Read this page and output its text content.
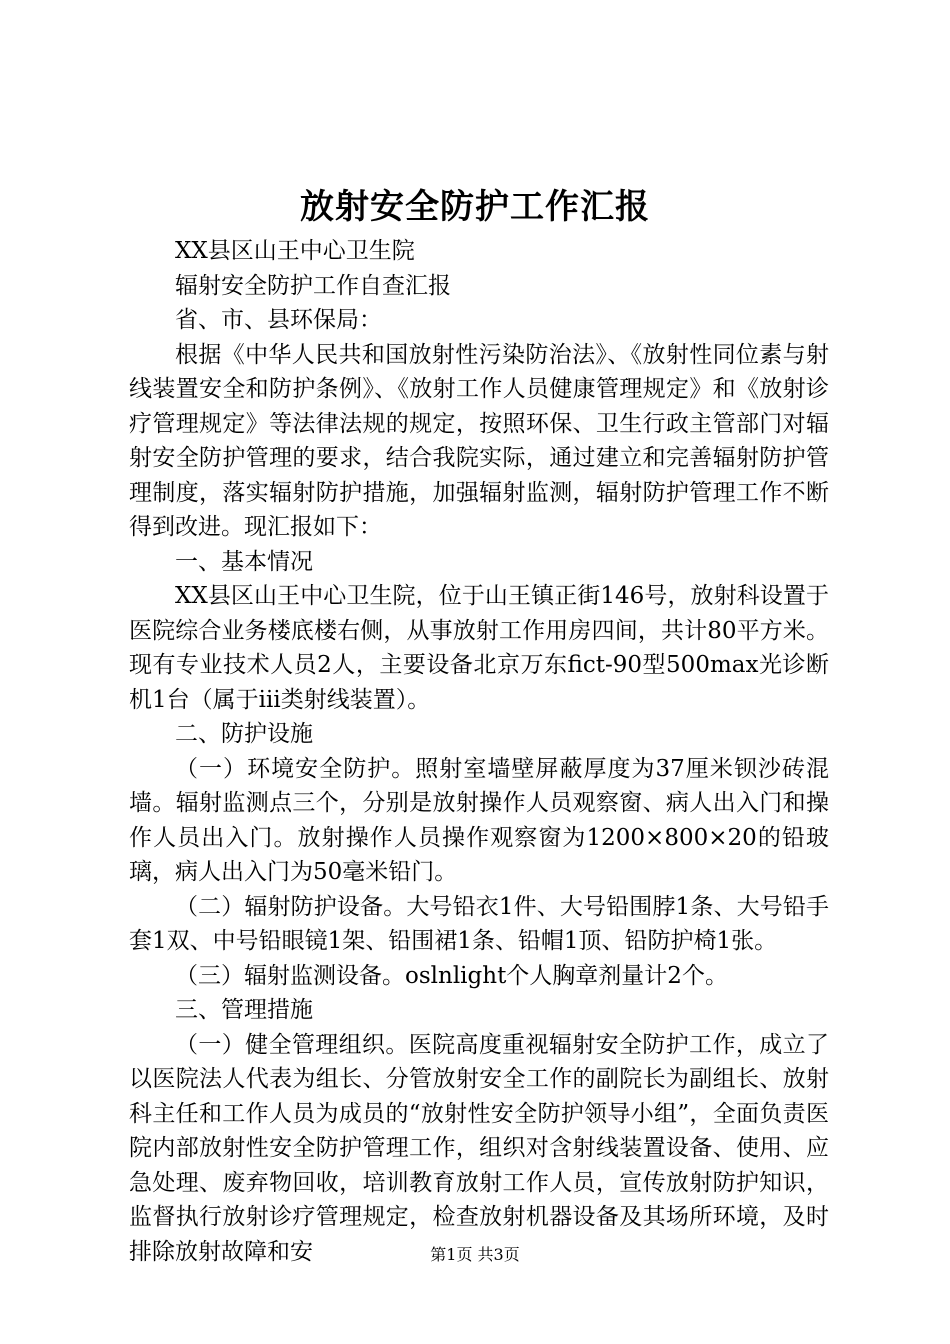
放射安全防护工作汇报

XX县区山王中心卫生院

辐射安全防护工作自查汇报

省、市、县环保局：

根据《中华人民共和国放射性污染防治法》、《放射性同位素与射线装置安全和防护条例》、《放射工作人员健康管理规定》和《放射诊疗管理规定》等法律法规的规定，按照环保、卫生行政主管部门对辐射安全防护管理的要求，结合我院实际，通过建立和完善辐射防护管理制度，落实辐射防护措施，加强辐射监测，辐射防护管理工作不断得到改进。现汇报如下：

一、基本情况

XX县区山王中心卫生院，位于山王镇正街146号，放射科设置于医院综合业务楼底楼右侧，从事放射工作用房四间，共计80平方米。现有专业技术人员2人，主要设备北京万东fict-90型500max光诊断机1台（属于ⅲ类射线装置）。

二、防护设施

（一）环境安全防护。照射室墙壁屏蔽厚度为37厘米钡沙砖混墙。辐射监测点三个，分别是放射操作人员观察窗、病人出入门和操作人员出入门。放射操作人员操作观察窗为1200×800×20的铅玻璃，病人出入门为50毫米铅门。

（二）辐射防护设备。大号铅衣1件、大号铅围脖1条、大号铅手套1双、中号铅眼镜1架、铅围裙1条、铅帽1顶、铅防护椅1张。

（三）辐射监测设备。oslnlight个人胸章剂量计2个。

三、管理措施

（一）健全管理组织。医院高度重视辐射安全防护工作，成立了以医院法人代表为组长、分管放射安全工作的副院长为副组长、放射科主任和工作人员为成员的“放射性安全防护领导小组”，全面负责医院内部放射性安全防护管理工作，组织对含射线装置设备、使用、应急处理、废弃物回收，培训教育放射工作人员，宣传放射防护知识，监督执行放射诊疗管理规定，检查放射机器设备及其场所环境，及时排除放射故障和安	第1页 共3页
